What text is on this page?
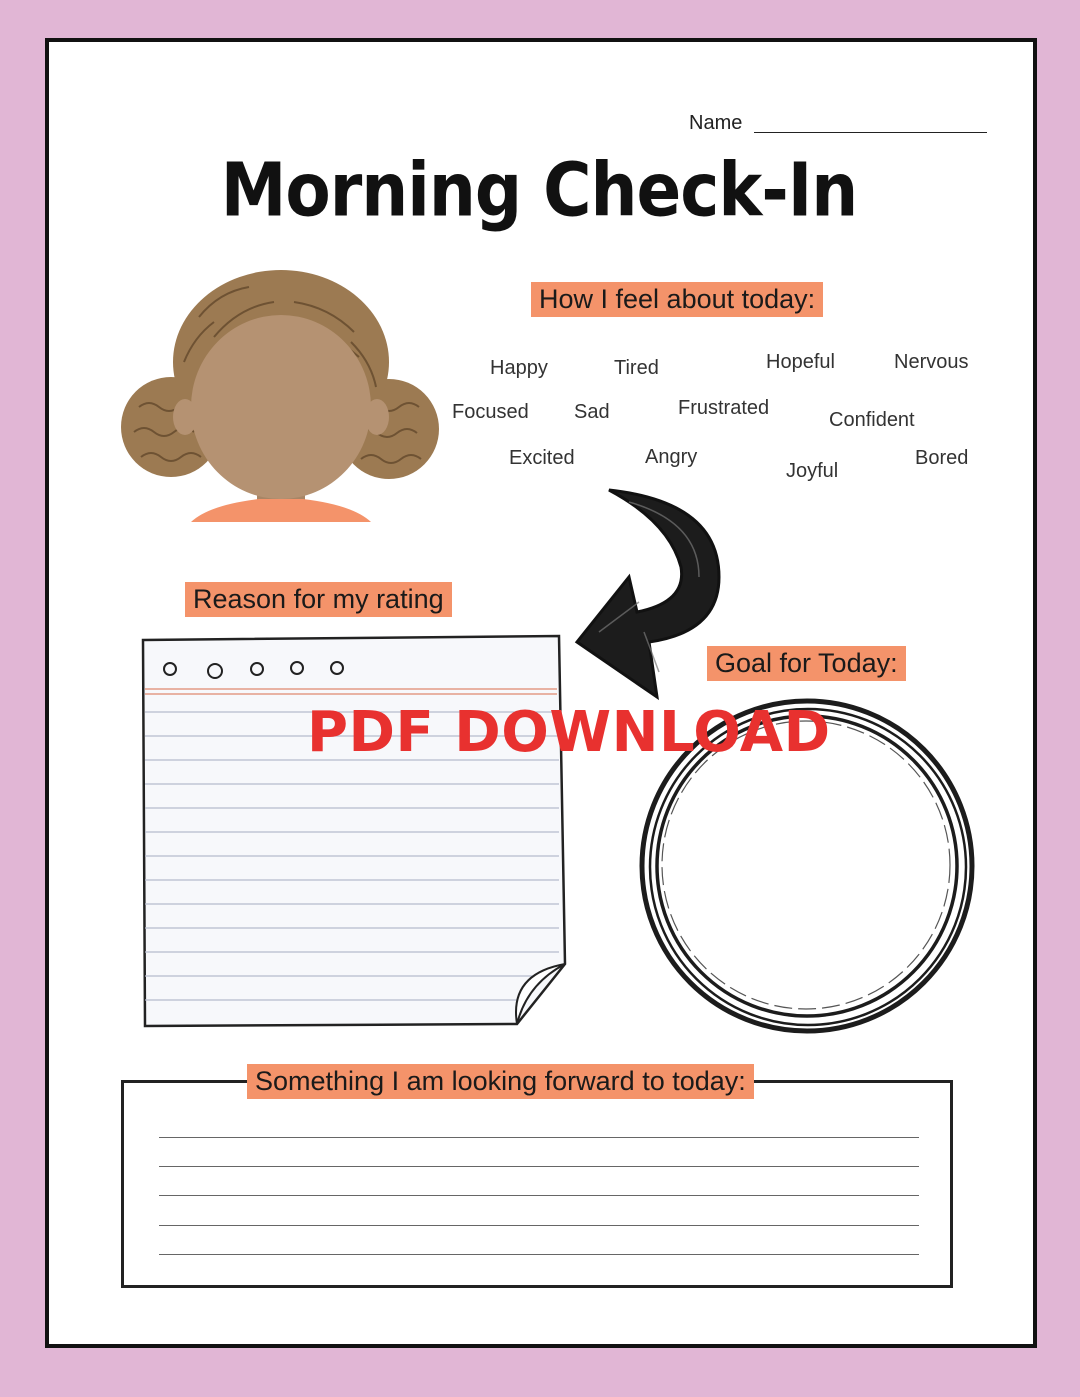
Name
Morning Check-In
How I feel about today:
Happy	Tired	Hopeful	Nervous
Focused Sad	Frustrated
Confident
Excited	Angry
Joyful
Bored
Reason for my rating
Goal for Today:
PDF DOWNLOAD
Something I am looking forward to today:
